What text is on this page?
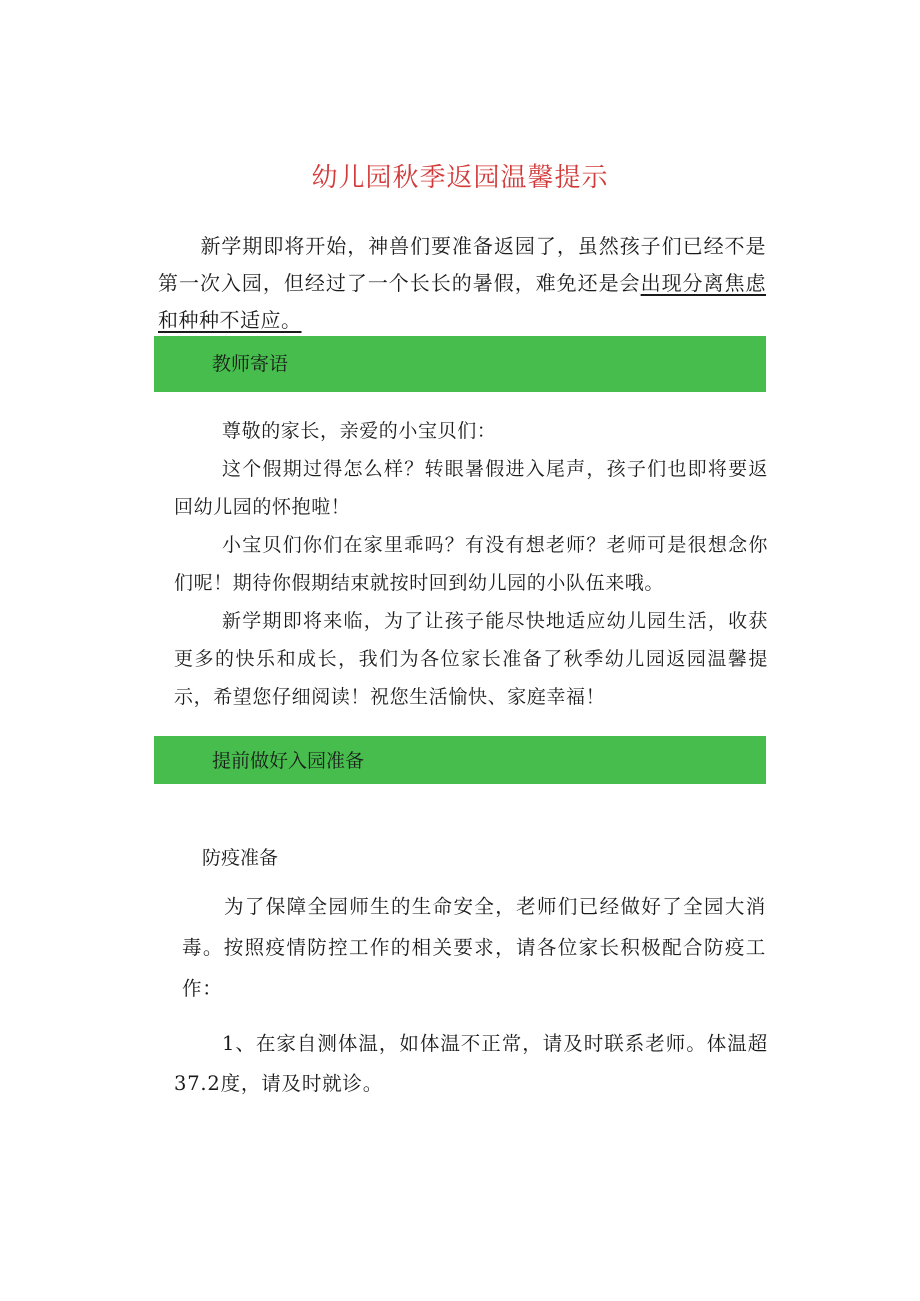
幼儿园秋季返园温馨提示
新学期即将开始，神兽们要准备返园了，虽然孩子们已经不是第一次入园，但经过了一个长长的暑假，难免还是会出现分离焦虑和种种不适应。
教师寄语

尊敬的家长，亲爱的小宝贝们：

这个假期过得怎么样？转眼暑假进入尾声，孩子们也即将要返回幼儿园的怀抱啦！

小宝贝们你们在家里乖吗？有没有想老师？老师可是很想念你们呢！期待你假期结束就按时回到幼儿园的小队伍来哦。

新学期即将来临，为了让孩子能尽快地适应幼儿园生活，收获更多的快乐和成长，我们为各位家长准备了秋季幼儿园返园温馨提示，希望您仔细阅读！祝您生活愉快、家庭幸福！

提前做好入园准备
防疫准备
为了保障全园师生的生命安全，老师们已经做好了全园大消毒。按照疫情防控工作的相关要求，请各位家长积极配合防疫工作：
1、在家自测体温，如体温不正常，请及时联系老师。体温超37.2度，请及时就诊。
